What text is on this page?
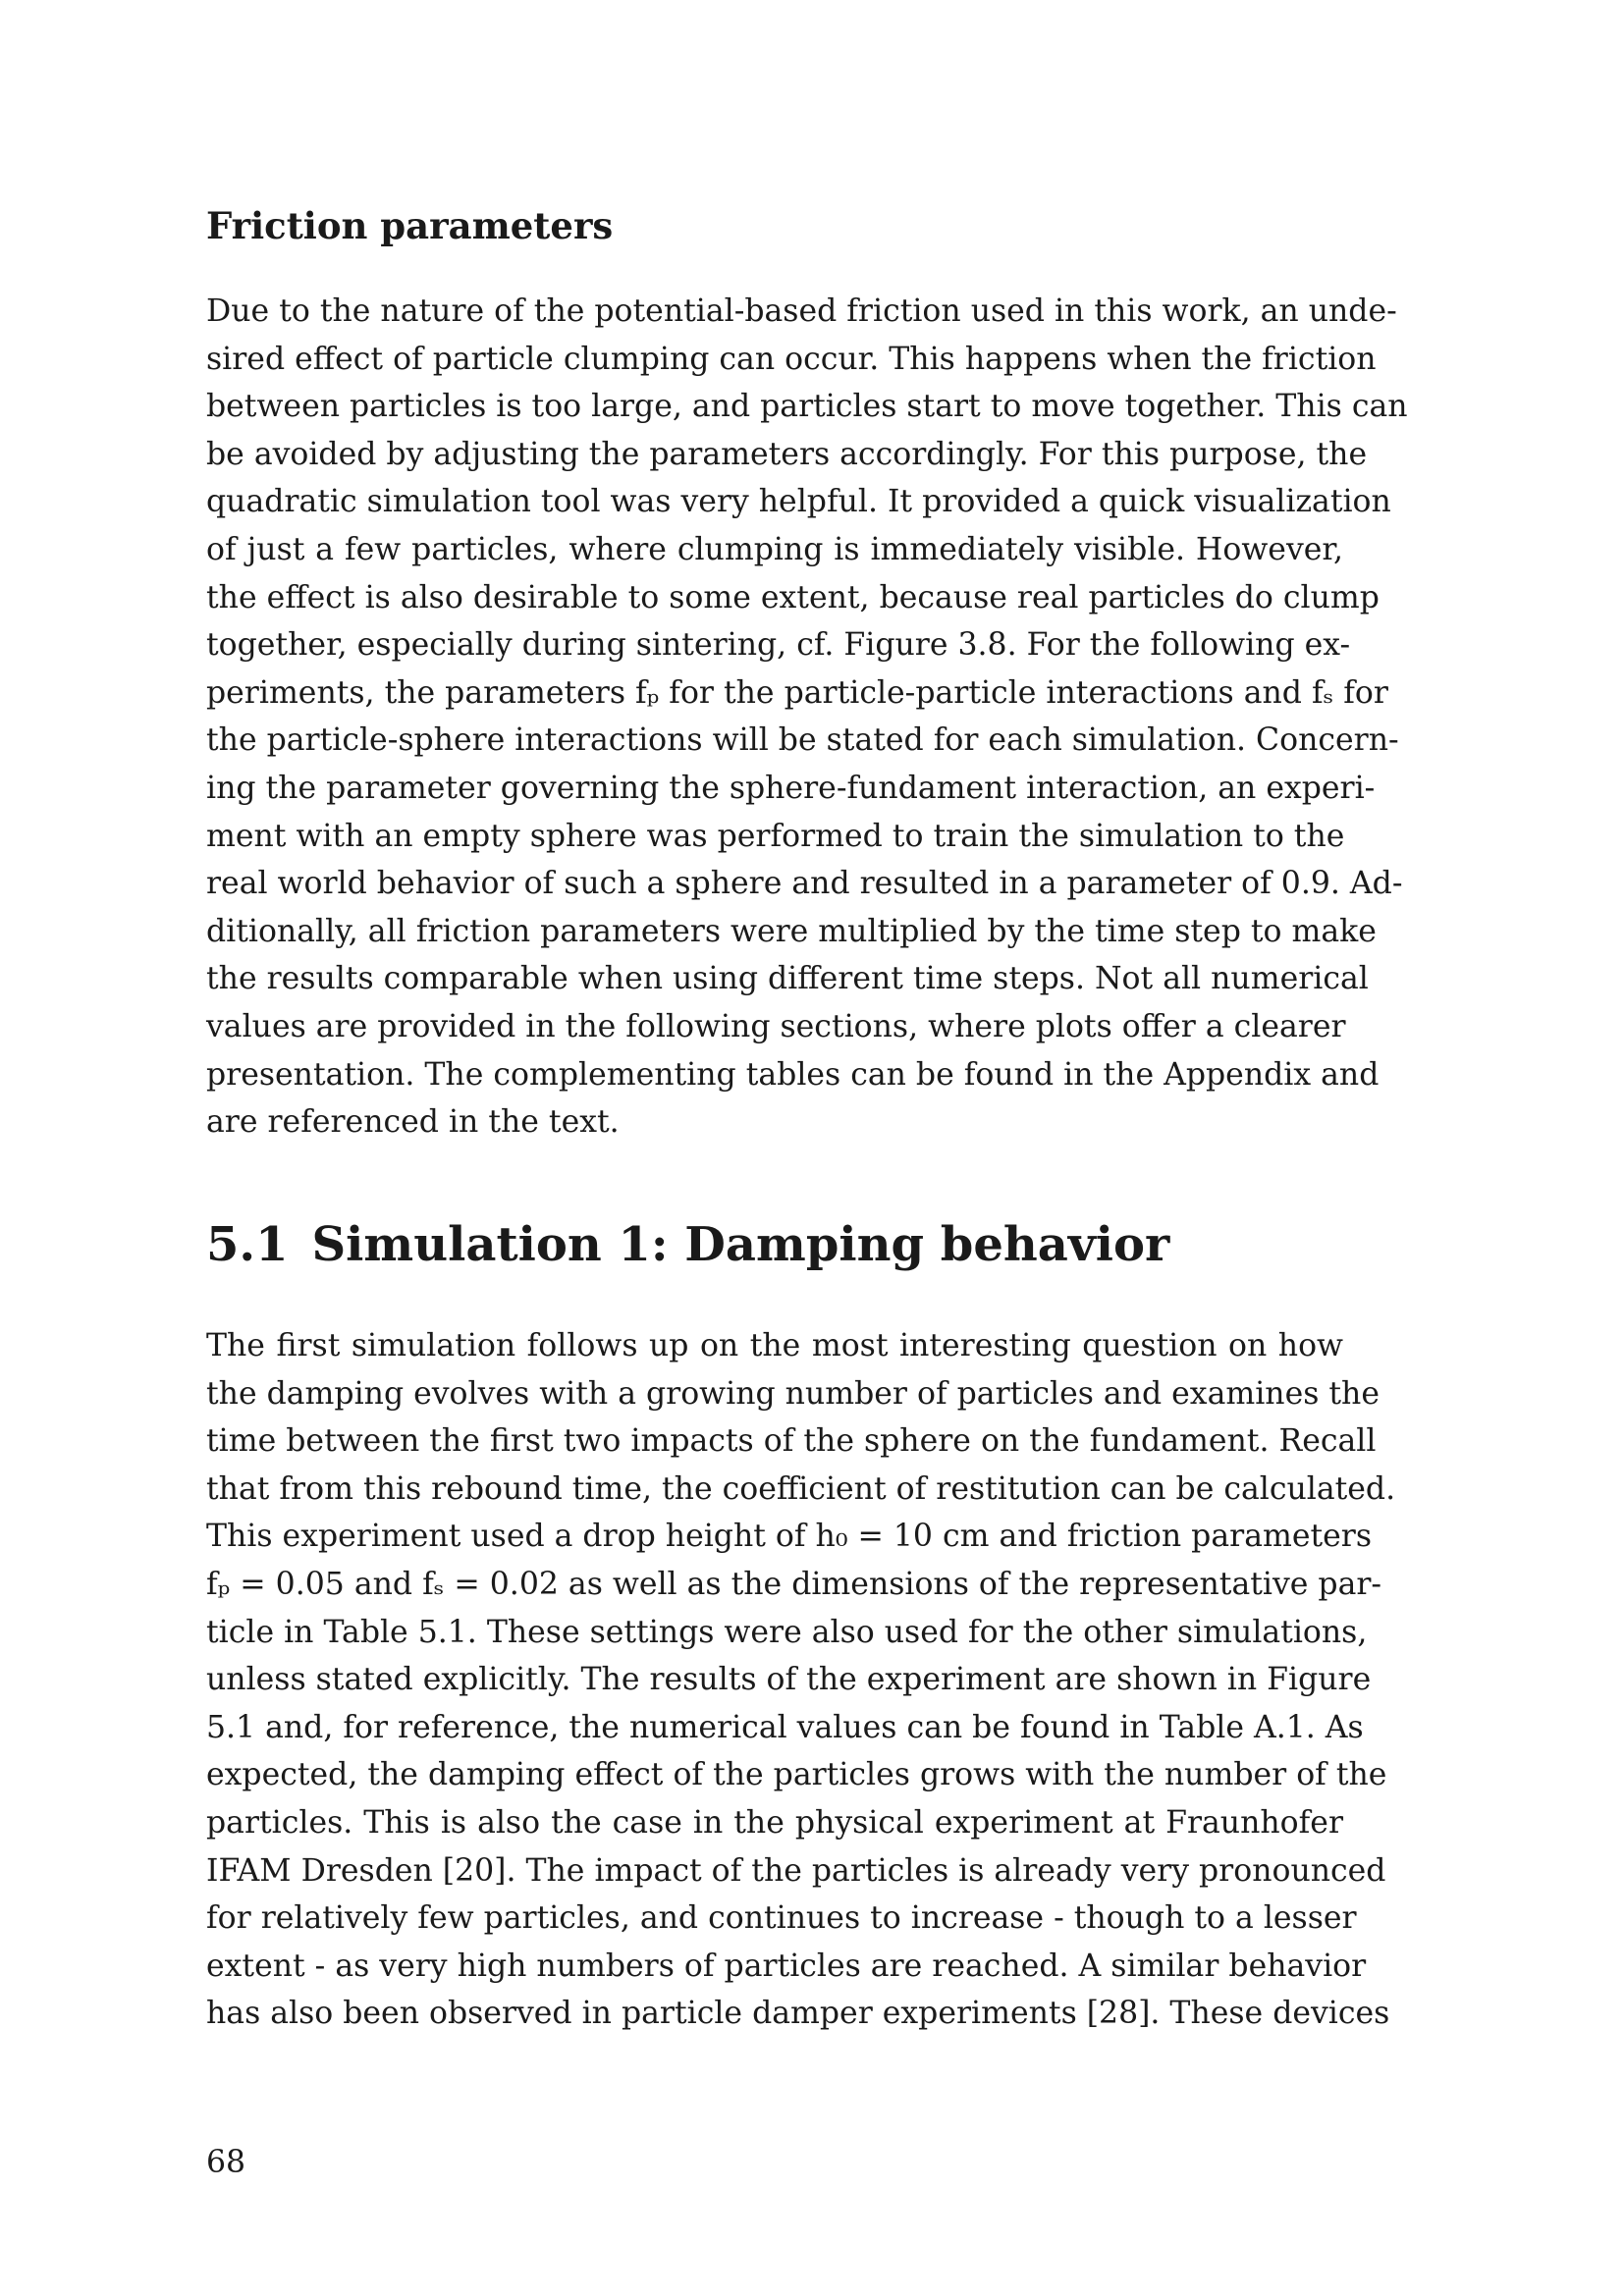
Friction parameters

Due to the nature of the potential-based friction used in this work, an unde-
sired effect of particle clumping can occur. This happens when the friction
between particles is too large, and particles start to move together. This can
be avoided by adjusting the parameters accordingly. For this purpose, the
quadratic simulation tool was very helpful. It provided a quick visualization
of just a few particles, where clumping is immediately visible. However,
the effect is also desirable to some extent, because real particles do clump
together, especially during sintering, cf. Figure 3.8. For the following ex-
periments, the parameters fₚ for the particle-particle interactions and fₛ for
the particle-sphere interactions will be stated for each simulation. Concern-
ing the parameter governing the sphere-fundament interaction, an experi-
ment with an empty sphere was performed to train the simulation to the
real world behavior of such a sphere and resulted in a parameter of 0.9. Ad-
ditionally, all friction parameters were multiplied by the time step to make
the results comparable when using different time steps. Not all numerical
values are provided in the following sections, where plots offer a clearer
presentation. The complementing tables can be found in the Appendix and
are referenced in the text.

5.1 Simulation 1: Damping behavior

The first simulation follows up on the most interesting question on how
the damping evolves with a growing number of particles and examines the
time between the first two impacts of the sphere on the fundament. Recall
that from this rebound time, the coefficient of restitution can be calculated.
This experiment used a drop height of h₀ = 10 cm and friction parameters
fₚ = 0.05 and fₛ = 0.02 as well as the dimensions of the representative par-
ticle in Table 5.1. These settings were also used for the other simulations,
unless stated explicitly. The results of the experiment are shown in Figure
5.1 and, for reference, the numerical values can be found in Table A.1. As
expected, the damping effect of the particles grows with the number of the
particles. This is also the case in the physical experiment at Fraunhofer
IFAM Dresden [20]. The impact of the particles is already very pronounced
for relatively few particles, and continues to increase - though to a lesser
extent - as very high numbers of particles are reached. A similar behavior
has also been observed in particle damper experiments [28]. These devices

68
